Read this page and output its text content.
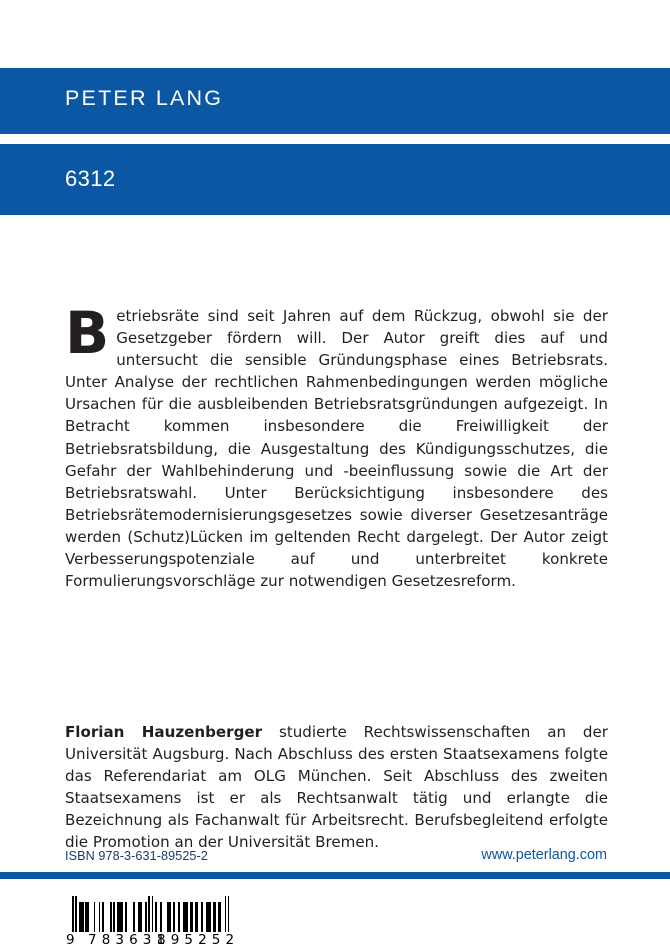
PETER LANG
6312
Betriebsräte sind seit Jahren auf dem Rückzug, obwohl sie der Gesetzgeber fördern will. Der Autor greift dies auf und untersucht die sensible Gründungsphase eines Betriebsrats. Unter Analyse der rechtlichen Rahmenbedingungen werden mögliche Ursachen für die ausbleibenden Betriebsratsgründungen aufgezeigt. In Betracht kommen insbesondere die Freiwilligkeit der Betriebsratsbildung, die Ausgestaltung des Kündigungsschutzes, die Gefahr der Wahlbehinderung und -beeinflussung sowie die Art der Betriebsratswahl. Unter Berücksichtigung insbesondere des Betriebsrätemodernisierungsgesetzes sowie diverser Gesetzesanträge werden (Schutz)Lücken im geltenden Recht dargelegt. Der Autor zeigt Verbesserungspotenziale auf und unterbreitet konkrete Formulierungsvorschläge zur notwendigen Gesetzesreform.
Florian Hauzenberger studierte Rechtswissenschaften an der Universität Augsburg. Nach Abschluss des ersten Staatsexamens folgte das Referendariat am OLG München. Seit Abschluss des zweiten Staatsexamens ist er als Rechtsanwalt tätig und erlangte die Bezeichnung als Fachanwalt für Arbeitsrecht. Berufsbegleitend erfolgte die Promotion an der Universität Bremen.
ISBN 978-3-631-89525-2	www.peterlang.com
9 783631
895252
